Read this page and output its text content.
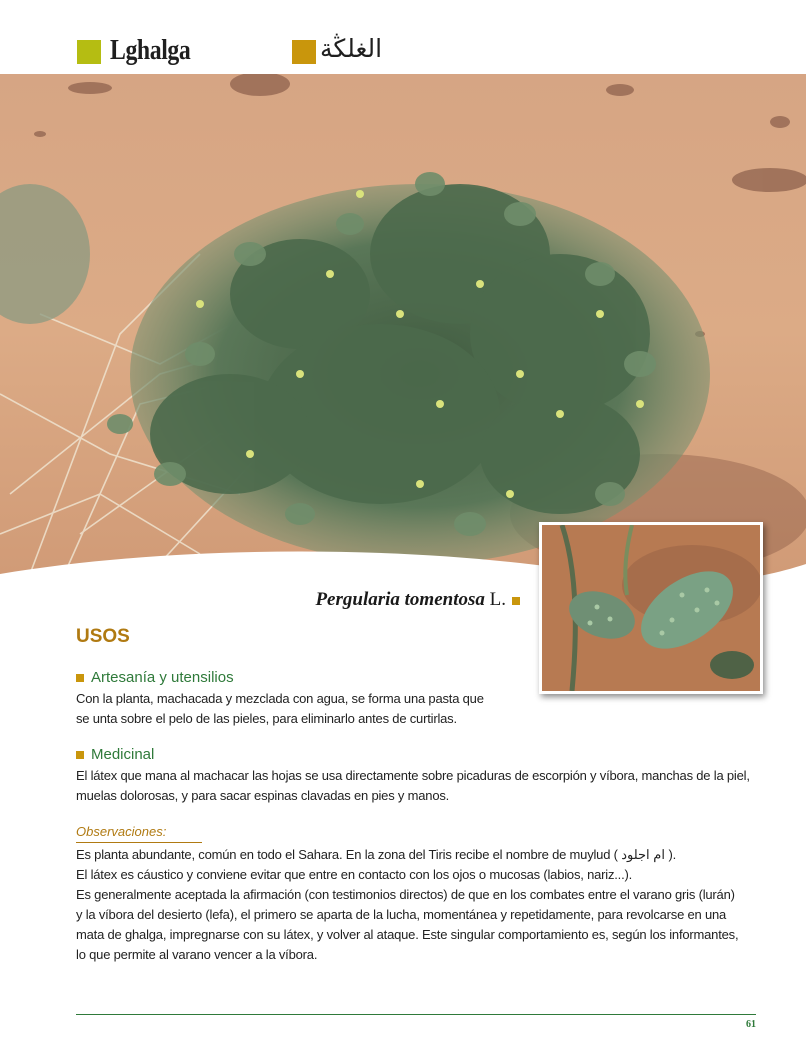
Lghalga	الغلڭة
Pergularia tomentosa L.
USOS
Artesanía y utensilios
Con la planta, machacada y mezclada con agua, se forma una pasta que
se unta sobre el pelo de las pieles, para eliminarlo antes de curtirlas.
Medicinal
El látex que mana al machacar las hojas se usa directamente sobre picaduras de escorpión y víbora, manchas de la piel,
muelas dolorosas, y para sacar espinas clavadas en pies y manos.
Observaciones:
Es planta abundante, común en todo el Sahara. En la zona del Tiris recibe el nombre de muylud ( ام اجلود ).
El látex es cáustico y conviene evitar que entre en contacto con los ojos o mucosas (labios, nariz...).
Es generalmente aceptada la afirmación (con testimonios directos) de que en los combates entre el varano gris (lurán)
y la víbora del desierto (lefa), el primero se aparta de la lucha, momentánea y repetidamente, para revolcarse en una
mata de ghalga, impregnarse con su látex, y volver al ataque. Este singular comportamiento es, según los informantes,
lo que permite al varano vencer a la víbora.
61
